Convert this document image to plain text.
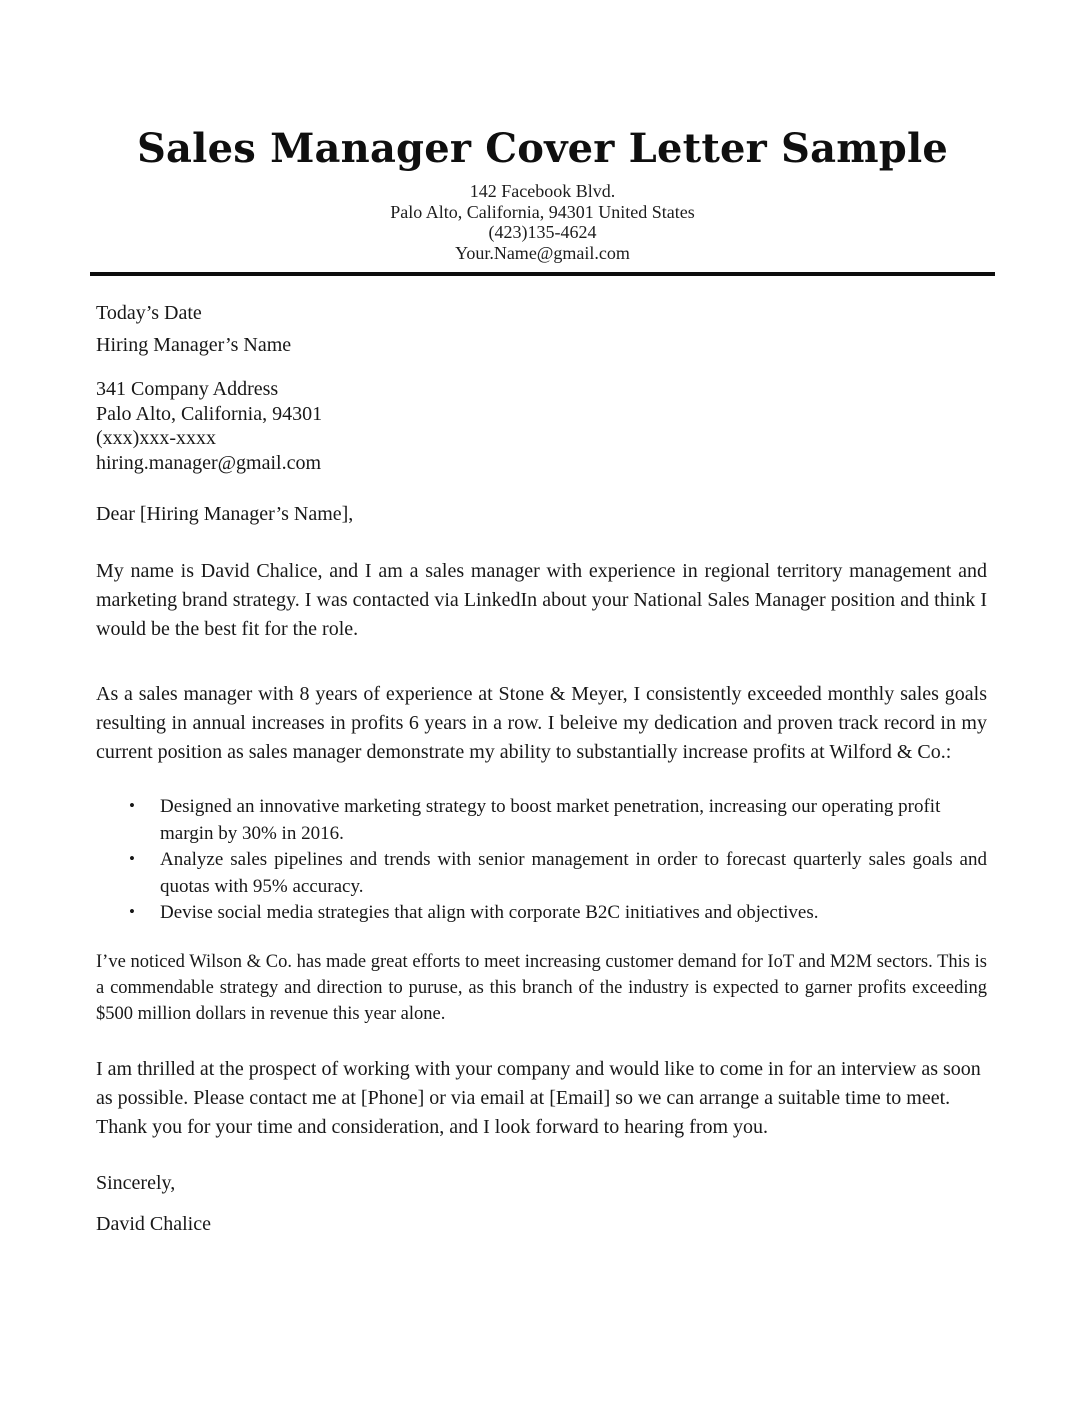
Sales Manager Cover Letter Sample
142 Facebook Blvd.
Palo Alto, California, 94301 United States
(423)135-4624
Your.Name@gmail.com

Today’s Date

Hiring Manager’s Name

341 Company Address

Palo Alto, California, 94301

(xxx)xxx-xxxx

hiring.manager@gmail.com

Dear [Hiring Manager’s Name],

My name is David Chalice, and I am a sales manager with experience in regional territory management and marketing brand strategy. I was contacted via LinkedIn about your National Sales Manager position and think I would be the best fit for the role.

As a sales manager with 8 years of experience at Stone & Meyer, I consistently exceeded monthly sales goals resulting in annual increases in profits 6 years in a row. I beleive my dedication and proven track record in my current position as sales manager demonstrate my ability to substantially increase profits at Wilford & Co.:

• Designed an innovative marketing strategy to boost market penetration, increasing our operating profit margin by 30% in 2016.
• Analyze sales pipelines and trends with senior management in order to forecast quarterly sales goals and quotas with 95% accuracy.
• Devise social media strategies that align with corporate B2C initiatives and objectives.

I’ve noticed Wilson & Co. has made great efforts to meet increasing customer demand for IoT and M2M sectors. This is a commendable strategy and direction to puruse, as this branch of the industry is expected to garner profits exceeding $500 million dollars in revenue this year alone.

I am thrilled at the prospect of working with your company and would like to come in for an interview as soon as possible. Please contact me at [Phone] or via email at [Email] so we can arrange a suitable time to meet. Thank you for your time and consideration, and I look forward to hearing from you.

Sincerely,

David Chalice
